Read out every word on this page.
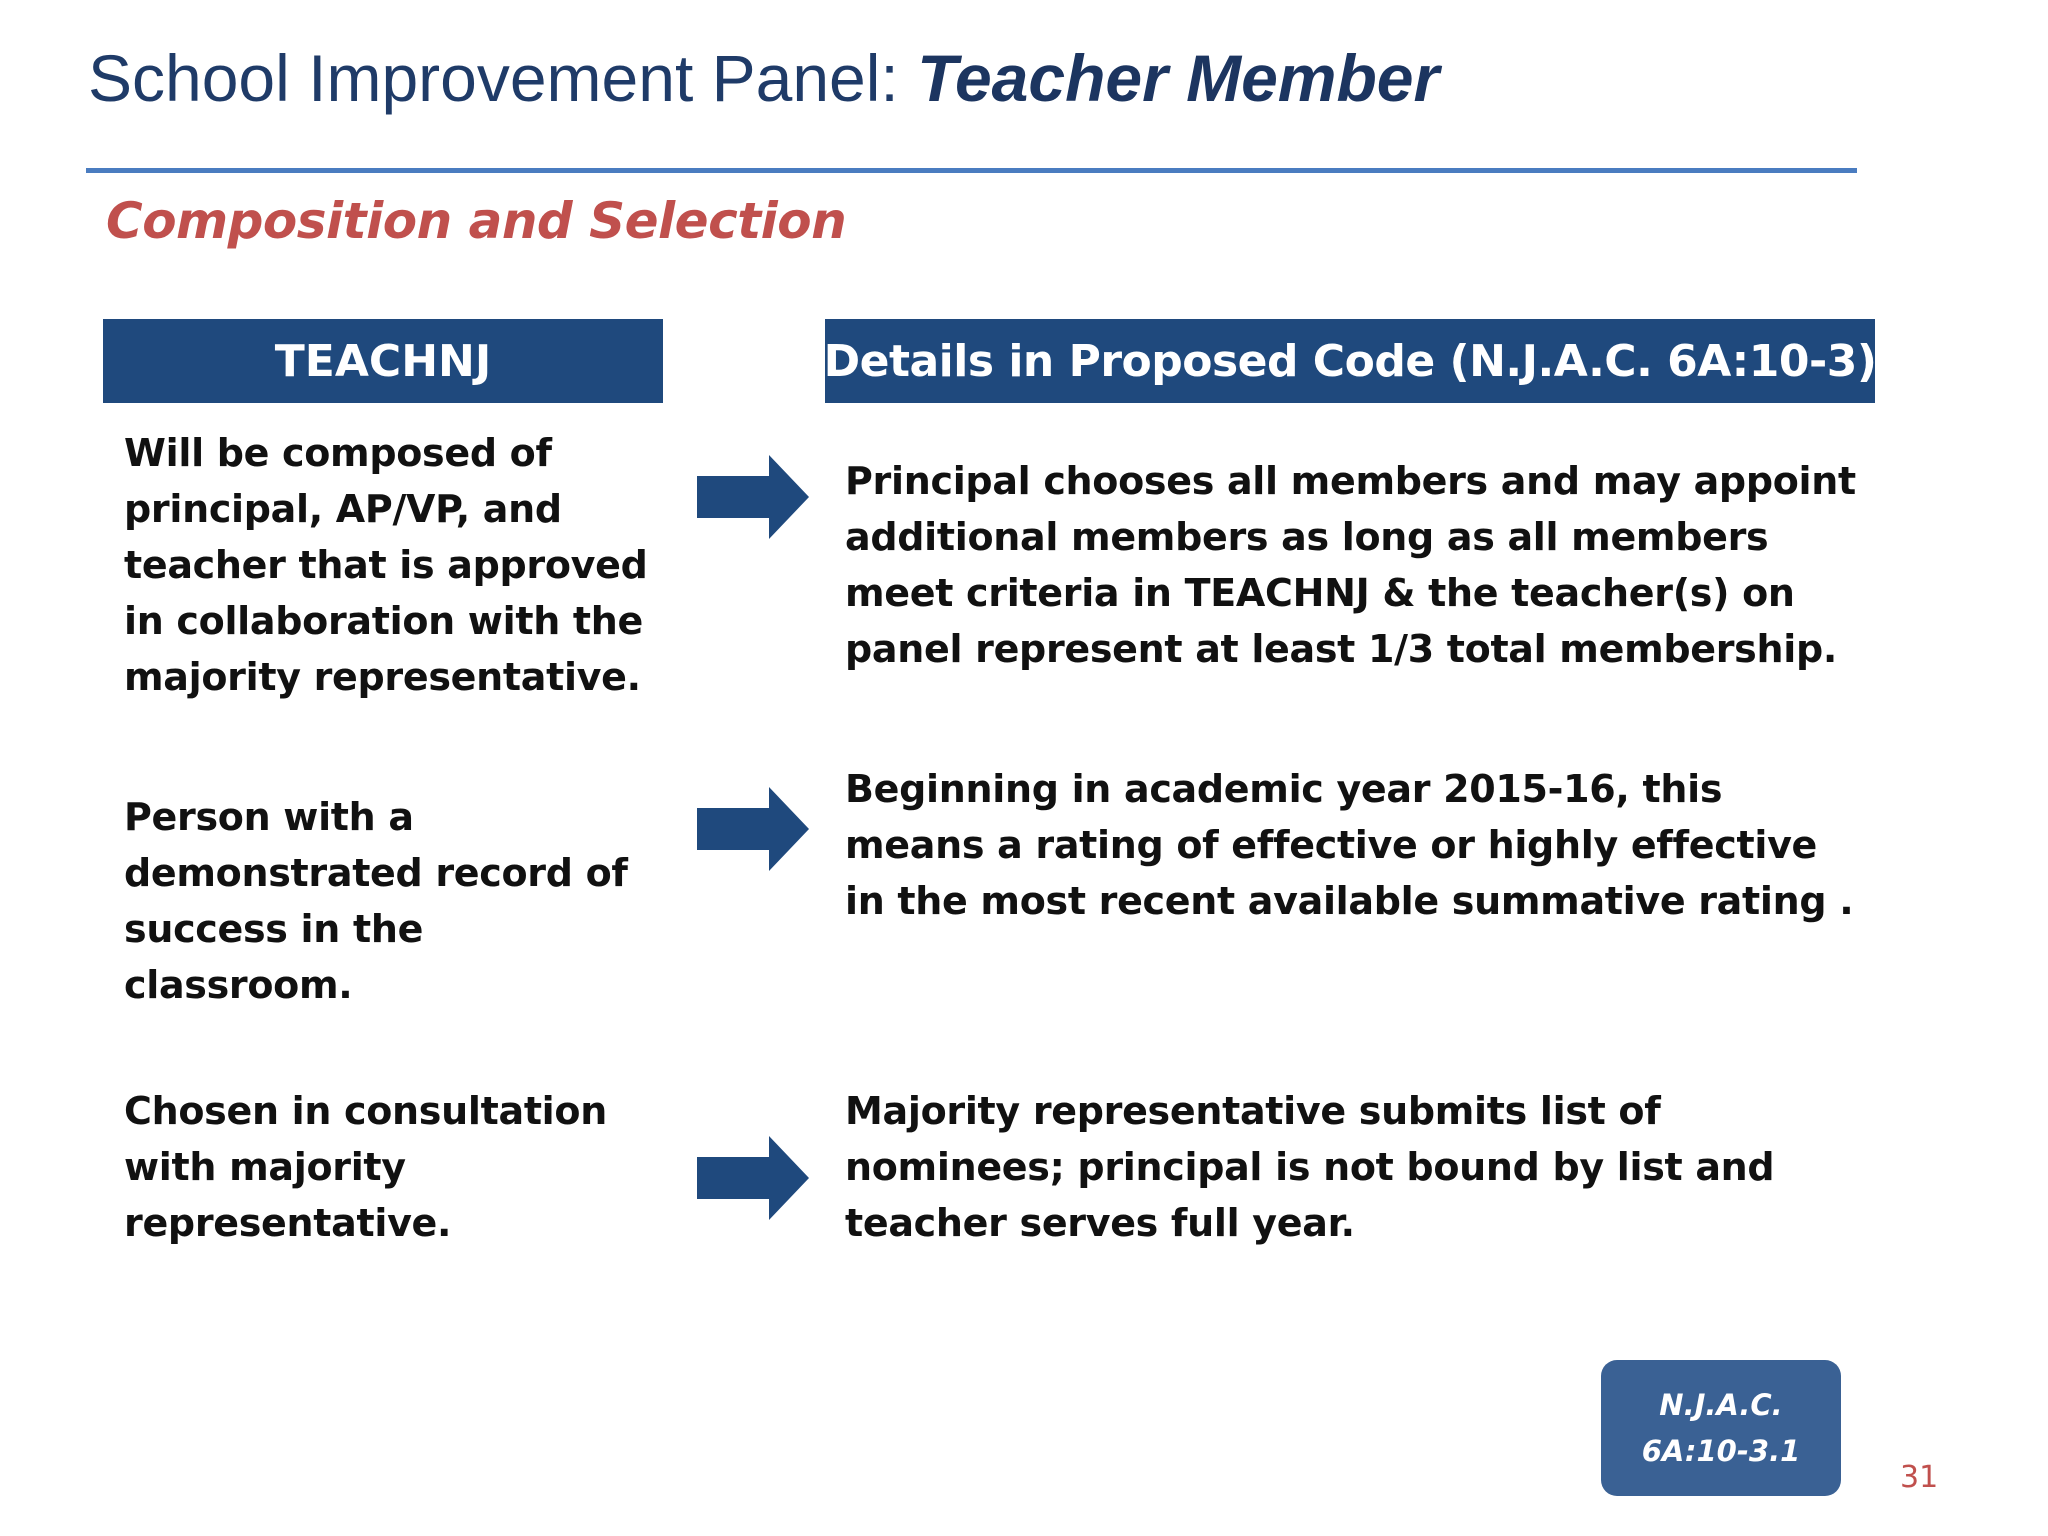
School Improvement Panel: Teacher Member
Composition and Selection
TEACHNJ	Details in Proposed Code (N.J.A.C. 6A:10-3)
Will be composed of principal, AP/VP, and teacher that is approved in collaboration with the majority representative.
Principal chooses all members and may appoint additional members as long as all members meet criteria in TEACHNJ & the teacher(s) on panel represent at least 1/3 total membership.
Person with a demonstrated record of success in the classroom.
Beginning in academic year 2015-16, this means a rating of effective or highly effective in the most recent available summative rating .
Chosen in consultation with majority representative.
Majority representative submits list of nominees; principal is not bound by list and teacher serves full year.
N.J.A.C.
6A:10-3.1
31
